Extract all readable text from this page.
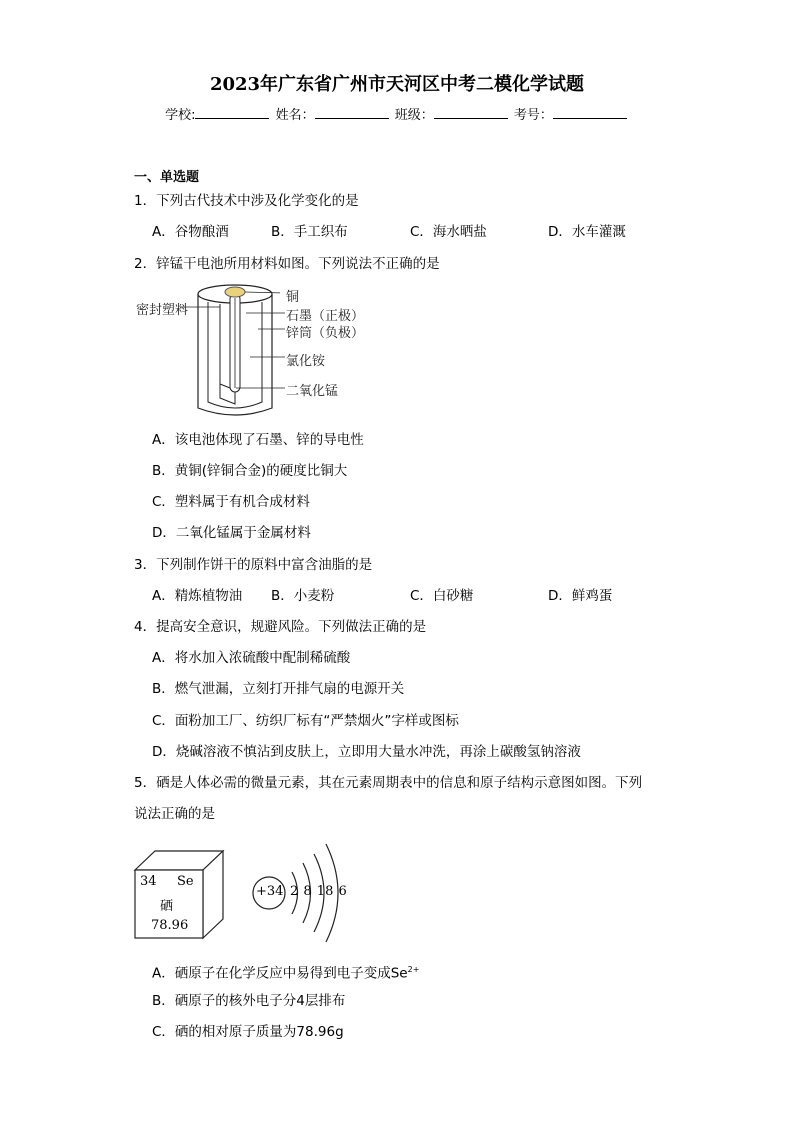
2023年广东省广州市天河区中考二模化学试题
学校:	姓名：	班级：	考号：
一、单选题
1．下列古代技术中涉及化学变化的是
A．谷物酿酒	B．手工织布	C．海水晒盐	D．水车灌溉
2．锌锰干电池所用材料如图。下列说法不正确的是
密封塑料
铜
石墨（正极）
锌筒（负极）
氯化铵
二氧化锰
A．该电池体现了石墨、锌的导电性
B．黄铜(锌铜合金)的硬度比铜大
C．塑料属于有机合成材料
D．二氧化锰属于金属材料
3．下列制作饼干的原料中富含油脂的是
A．精炼植物油 B．小麦粉	C．白砂糖	D．鲜鸡蛋
4．提高安全意识，规避风险。下列做法正确的是
A．将水加入浓硫酸中配制稀硫酸
B．燃气泄漏，立刻打开排气扇的电源开关
C．面粉加工厂、纺织厂标有“严禁烟火”字样或图标
D．烧碱溶液不慎沾到皮肤上，立即用大量水冲洗，再涂上碳酸氢钠溶液
5．硒是人体必需的微量元素，其在元素周期表中的信息和原子结构示意图如图。下列
说法正确的是
34 Se
硒
78.96
+34 2 8 18 6
A．硒原子在化学反应中易得到电子变成$Se^{2+}$
B．硒原子的核外电子分4层排布
C．硒的相对原子质量为78.96g
